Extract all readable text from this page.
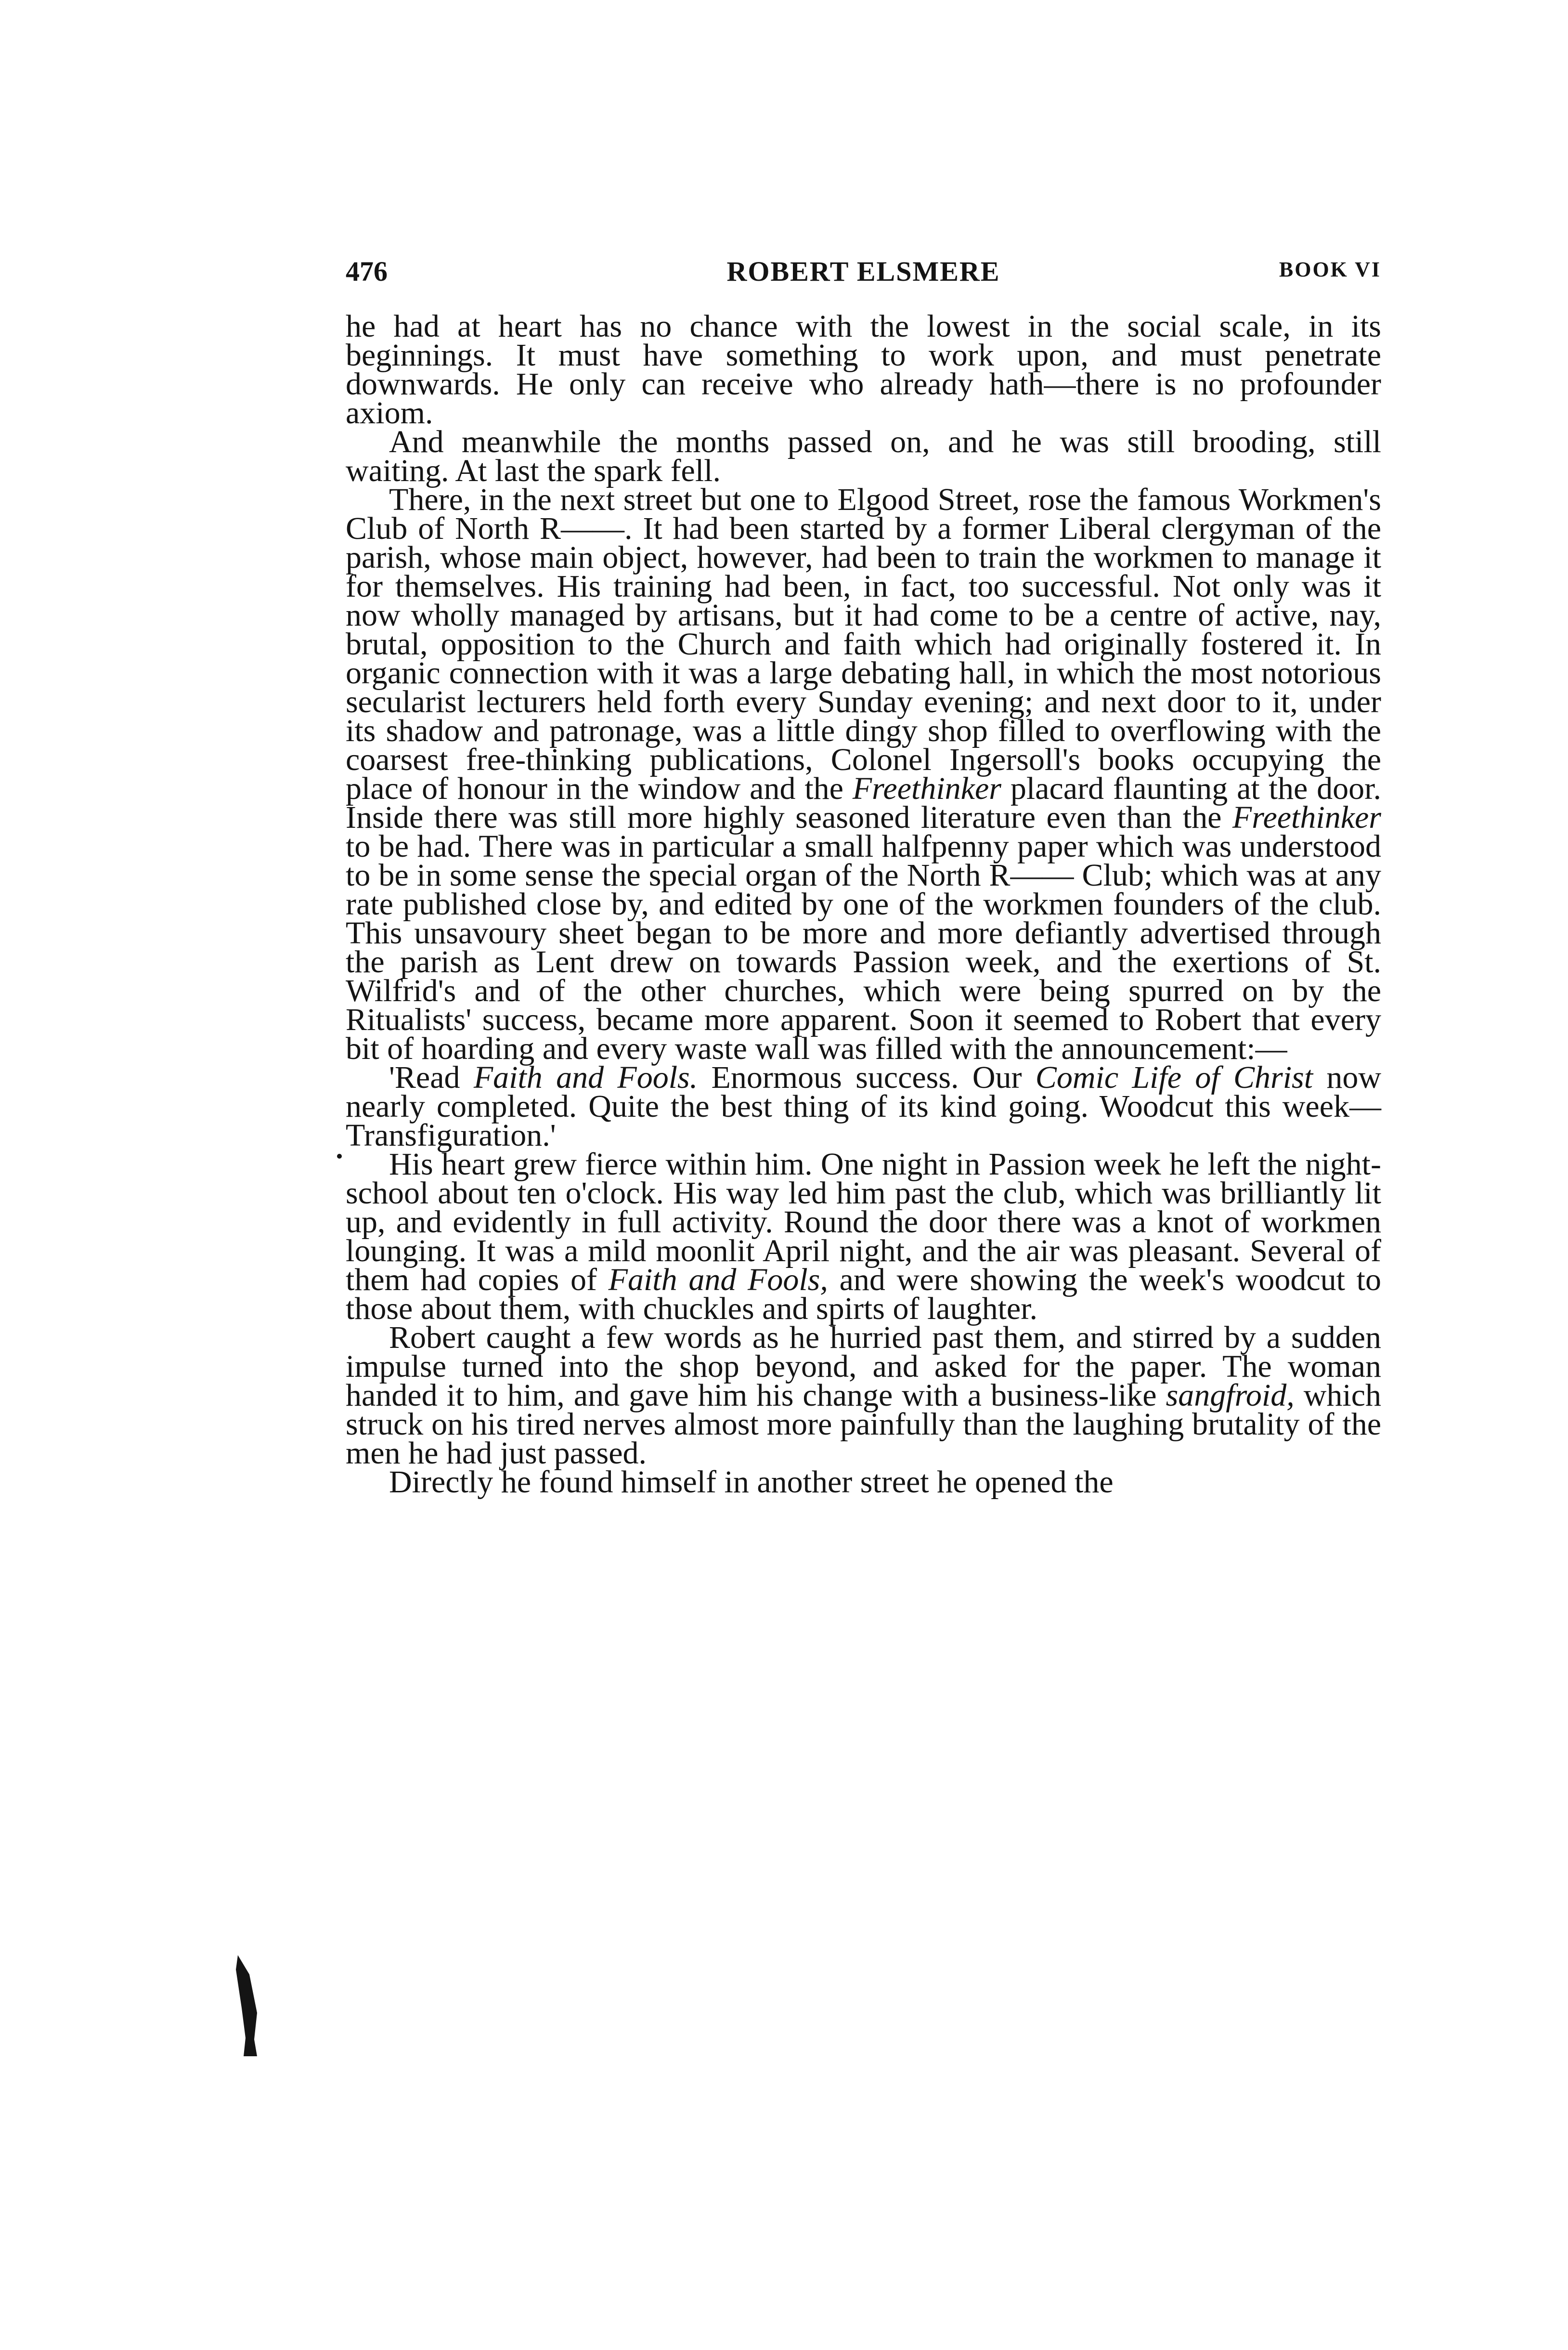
476	ROBERT ELSMERE	BOOK VI

he had at heart has no chance with the lowest in the social scale, in its beginnings. It must have something to work upon, and must penetrate downwards. He only can receive who already hath—there is no profounder axiom.

And meanwhile the months passed on, and he was still brooding, still waiting. At last the spark fell.

There, in the next street but one to Elgood Street, rose the famous Workmen's Club of North R——. It had been started by a former Liberal clergyman of the parish, whose main object, however, had been to train the workmen to manage it for themselves. His training had been, in fact, too successful. Not only was it now wholly managed by artisans, but it had come to be a centre of active, nay, brutal, opposition to the Church and faith which had originally fostered it. In organic connection with it was a large debating hall, in which the most notorious secularist lecturers held forth every Sunday evening; and next door to it, under its shadow and patronage, was a little dingy shop filled to overflowing with the coarsest free-thinking publications, Colonel Ingersoll's books occupying the place of honour in the window and the Freethinker placard flaunting at the door. Inside there was still more highly seasoned literature even than the Freethinker to be had. There was in particular a small halfpenny paper which was understood to be in some sense the special organ of the North R—— Club; which was at any rate published close by, and edited by one of the workmen founders of the club. This unsavoury sheet began to be more and more defiantly advertised through the parish as Lent drew on towards Passion week, and the exertions of St. Wilfrid's and of the other churches, which were being spurred on by the Ritualists' success, became more apparent. Soon it seemed to Robert that every bit of hoarding and every waste wall was filled with the announcement:—

'Read Faith and Fools. Enormous success. Our Comic Life of Christ now nearly completed. Quite the best thing of its kind going. Woodcut this week—Transfiguration.'

His heart grew fierce within him. One night in Passion week he left the night-school about ten o'clock. His way led him past the club, which was brilliantly lit up, and evidently in full activity. Round the door there was a knot of workmen lounging. It was a mild moonlit April night, and the air was pleasant. Several of them had copies of Faith and Fools, and were showing the week's woodcut to those about them, with chuckles and spirts of laughter.

Robert caught a few words as he hurried past them, and stirred by a sudden impulse turned into the shop beyond, and asked for the paper. The woman handed it to him, and gave him his change with a business-like sangfroid, which struck on his tired nerves almost more painfully than the laughing brutality of the men he had just passed.

Directly he found himself in another street he opened the
